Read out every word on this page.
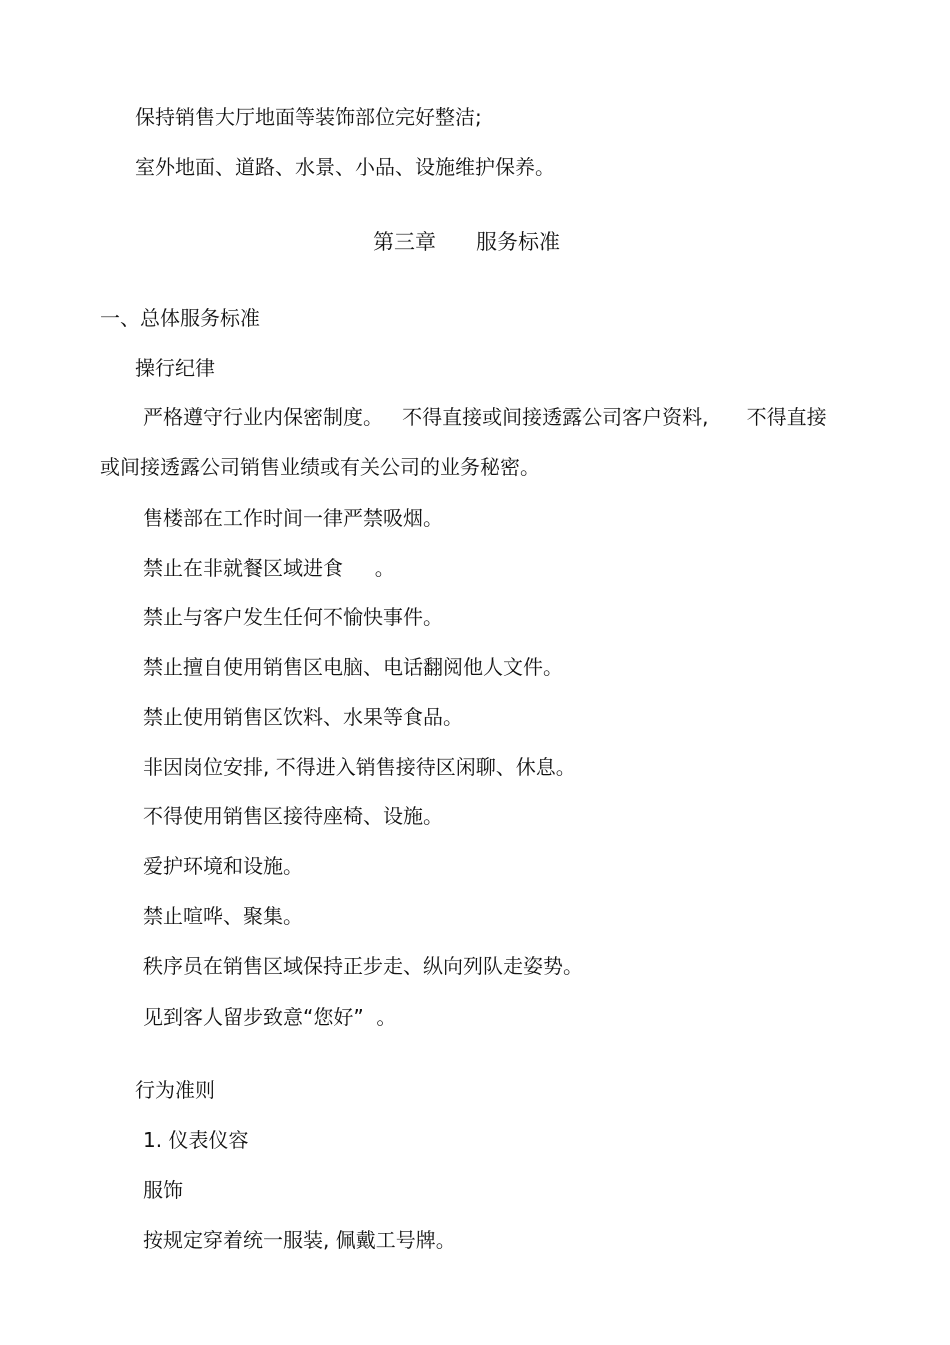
保持销售大厅地面等装饰部位完好整洁;
室外地面、道路、水景、小品、设施维护保养。
第三章      服务标准
一、总体服务标准
操行纪律
严格遵守行业内保密制度。   不得直接或间接透露公司客户资料,      不得直接
或间接透露公司销售业绩或有关公司的业务秘密。
售楼部在工作时间一律严禁吸烟。
禁止在非就餐区域进食     。
禁止与客户发生任何不愉快事件。
禁止擅自使用销售区电脑、电话翻阅他人文件。
禁止使用销售区饮料、水果等食品。
非因岗位安排, 不得进入销售接待区闲聊、休息。
不得使用销售区接待座椅、设施。
爱护环境和设施。
禁止喧哗、聚集。
秩序员在销售区域保持正步走、纵向列队走姿势。
见到客人留步致意“您好”  。
行为准则
1. 仪表仪容
服饰
按规定穿着统一服装, 佩戴工号牌。
